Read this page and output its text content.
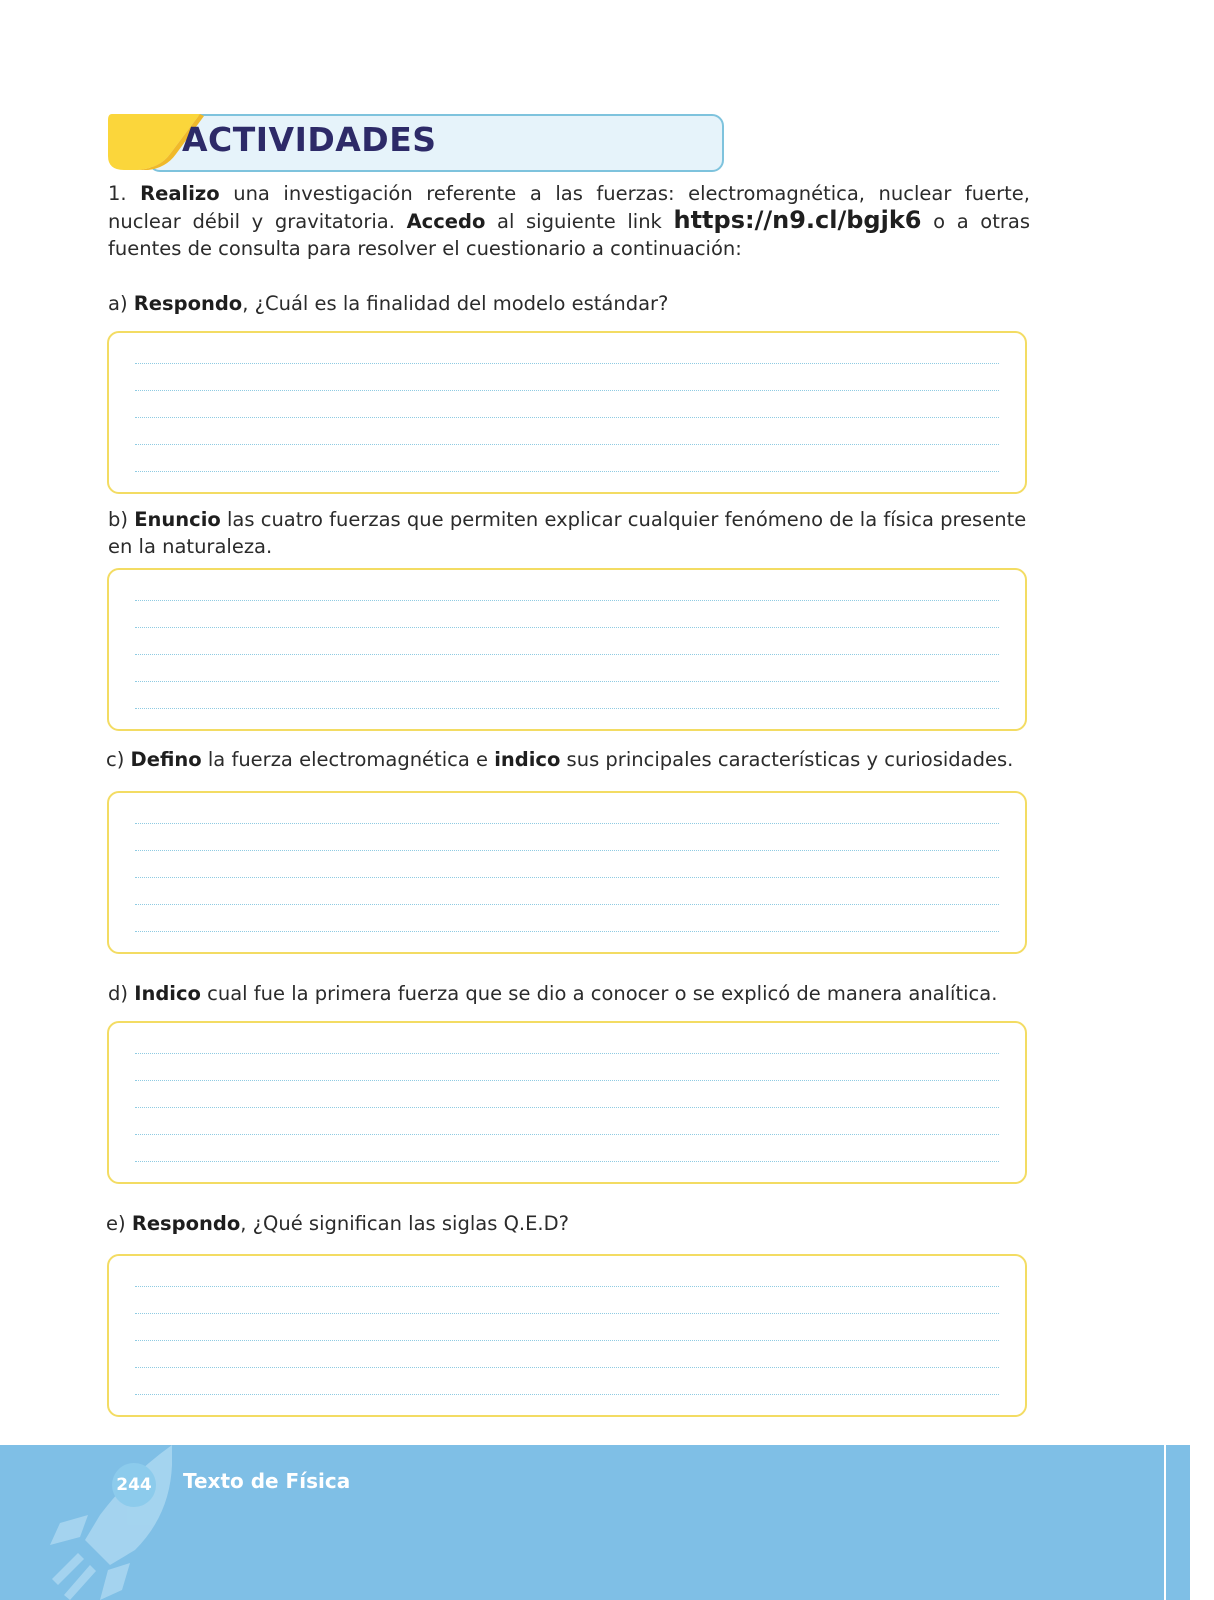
ACTIVIDADES
1. Realizo una investigación referente a las fuerzas: electromagnética, nuclear fuerte, nuclear débil y gravitatoria. Accedo al siguiente link https://n9.cl/bgjk6 o a otras fuentes de consulta para resolver el cuestionario a continuación:
a) Respondo, ¿Cuál es la finalidad del modelo estándar?
b) Enuncio las cuatro fuerzas que permiten explicar cualquier fenómeno de la física presente en la naturaleza.
c) Defino la fuerza electromagnética e indico sus principales características y curiosidades.
d) Indico cual fue la primera fuerza que se dio a conocer o se explicó de manera analítica.
e) Respondo, ¿Qué significan las siglas Q.E.D?
244 Texto de Física
